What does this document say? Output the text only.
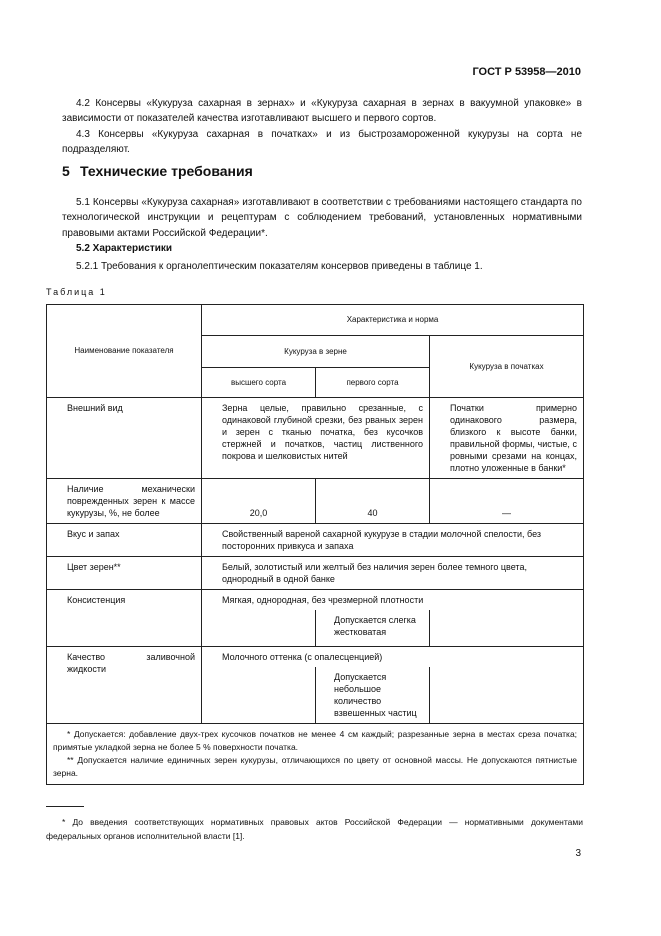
ГОСТ Р 53958—2010
4.2 Консервы «Кукуруза сахарная в зернах» и «Кукуруза сахарная в зернах в вакуумной упаковке» в зависимости от показателей качества изготавливают высшего и первого сортов.
4.3 Консервы «Кукуруза сахарная в початках» и из быстрозамороженной кукурузы на сорта не подразделяют.
5 Технические требования
5.1 Консервы «Кукуруза сахарная» изготавливают в соответствии с требованиями настоящего стандарта по технологической инструкции и рецептурам с соблюдением требований, установленных нормативными правовыми актами Российской Федерации*.
5.2 Характеристики
5.2.1 Требования к органолептическим показателям консервов приведены в таблице 1.
Таблица 1
Наименование показателя	Характеристика и норма		
	Кукуруза в зерне		Кукуруза в початках
	высшего сорта	первого сорта	
Внешний вид	Зерна целые, правильно срезанные, с одинаковой глубиной срезки, без рваных зерен и зерен с тканью початка, без кусочков стержней и початков, частиц лиственного покрова и шелковистых нитей		Початки примерно одинакового размера, близкого к высоте банки, правильной формы, чистые, с ровными срезами на концах, плотно уложенные в банки*
Наличие механически поврежденных зерен к массе кукурузы, %, не более	20,0	40	—
Вкус и запах	Свойственный вареной сахарной кукурузе в стадии молочной спелости, без посторонних привкуса и запаха		
Цвет зерен**	Белый, золотистый или желтый без наличия зерен более темного цвета, однородный в одной банке		
Консистенция	Мягкая, однородная, без чрезмерной плотности		
		Допускается слегка жестковатая	
Качество заливочной жидкости	Молочного оттенка (с опалесценцией)		
		Допускается небольшое количество взвешенных частиц	

* Допускается: добавление двух-трех кусочков початков не менее 4 см каждый; разрезанные зерна в местах среза початка; примятые укладкой зерна не более 5 % поверхности початка.
** Допускается наличие единичных зерен кукурузы, отличающихся по цвету от основной массы. Не допускаются пятнистые зерна.			
* До введения соответствующих нормативных правовых актов Российской Федерации — нормативными документами федеральных органов исполнительной власти [1].
3
